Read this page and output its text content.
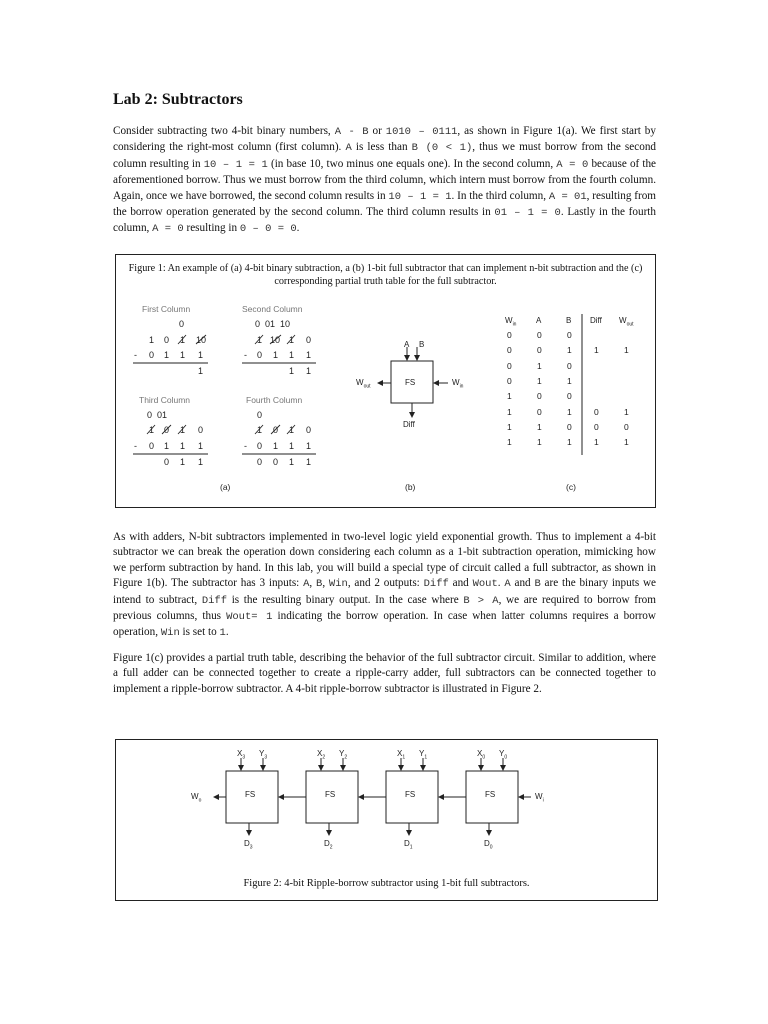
Lab 2: Subtractors
Consider subtracting two 4-bit binary numbers, A - B or 1010 – 0111, as shown in Figure 1(a). We first start by considering the right-most column (first column). A is less than B (0 < 1), thus we must borrow from the second column resulting in 10 – 1 = 1 (in base 10, two minus one equals one). In the second column, A = 0 because of the aforementioned borrow. Thus we must borrow from the third column, which intern must borrow from the fourth column. Again, once we have borrowed, the second column results in 10 – 1 = 1. In the third column, A = 01, resulting from the borrow operation generated by the second column. The third column results in 01 – 1 = 0. Lastly in the fourth column, A = 0 resulting in 0 – 0 = 0.
Figure 1: An example of (a) 4-bit binary subtraction, a (b) 1-bit full subtractor that can implement n-bit subtraction and the (c) corresponding partial truth table for the full subtractor.
First Column
0
1 0 1 10
- 0 1 1 1
1
Second Column
0  01  10
1 10 1 0
- 0 1 1 1
1 1
Third Column
0  01
1 0 1 0
- 0 1 1 1
0 1 1
Fourth Column
0
1 0 1 0
- 0 1 1 1
0 0 1 1
(a)
A B
FS
$W_{out}$	$W_{in}$
Diff
(b)
$W_{in}$ A	B Diff $W_{out}$
0	0	0
0	0	1	1	1
0	1	0
0	1	1
1	0	0
1	0	1	0	1
1	1	0	0	0
1	1	1	1	1
(c)
As with adders, N-bit subtractors implemented in two-level logic yield exponential growth. Thus to implement a 4-bit subtractor we can break the operation down considering each column as a 1-bit subtraction operation, mimicking how we perform subtraction by hand. In this lab, you will build a special type of circuit called a full subtractor, as shown in Figure 1(b). The subtractor has 3 inputs: A, B, Win, and 2 outputs: Diff and Wout. A and B are the binary inputs we intend to subtract, Diff is the resulting binary output. In the case where B > A, we are required to borrow from previous columns, thus Wout= 1 indicating the borrow operation. In case when latter columns requires a borrow operation, Win is set to 1.
Figure 1(c) provides a partial truth table, describing the behavior of the full subtractor circuit. Similar to addition, where a full adder can be connected together to create a ripple-carry adder, full subtractors can be connected together to implement a ripple-borrow subtractor. A 4-bit ripple-borrow subtractor is illustrated in Figure 2.
FS
$X_3$ $Y_3$
$D_3$
FS
$X_2$ $Y_2$
$D_2$
FS
$X_1$ $Y_1$
$D_1$
FS
$X_0$ $Y_0$
$D_0$
$W_o$	$W_i$
Figure 2: 4-bit Ripple-borrow subtractor using 1-bit full subtractors.
